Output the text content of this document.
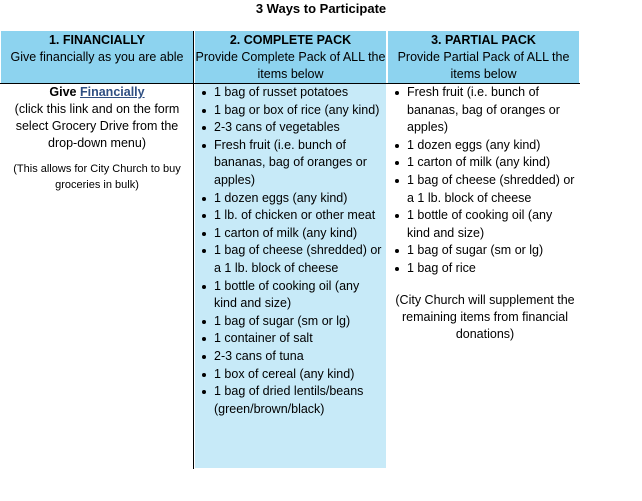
3 Ways to Participate
1. FINANCIALLY
Give financially as you are able
2. COMPLETE PACK
Provide Complete Pack of ALL the items below
3. PARTIAL PACK
Provide Partial Pack of ALL the items below
Give Financially
(click this link and on the form select Grocery Drive from the drop-down menu)
(This allows for City Church to buy groceries in bulk)
1 bag of russet potatoes
1 bag or box of rice (any kind)
2-3 cans of vegetables
Fresh fruit (i.e. bunch of bananas, bag of oranges or apples)
1 dozen eggs (any kind)
1 lb. of chicken or other meat
1 carton of milk (any kind)
1 bag of cheese (shredded) or a 1 lb. block of cheese
1 bottle of cooking oil (any kind and size)
1 bag of sugar (sm or lg)
1 container of salt
2-3 cans of tuna
1 box of cereal (any kind)
1 bag of dried lentils/beans (green/brown/black)
Fresh fruit (i.e. bunch of bananas, bag of oranges or apples)
1 dozen eggs (any kind)
1 carton of milk (any kind)
1 bag of cheese (shredded) or a 1 lb. block of cheese
1 bottle of cooking oil (any kind and size)
1 bag of sugar (sm or lg)
1 bag of rice
(City Church will supplement the remaining items from financial donations)
